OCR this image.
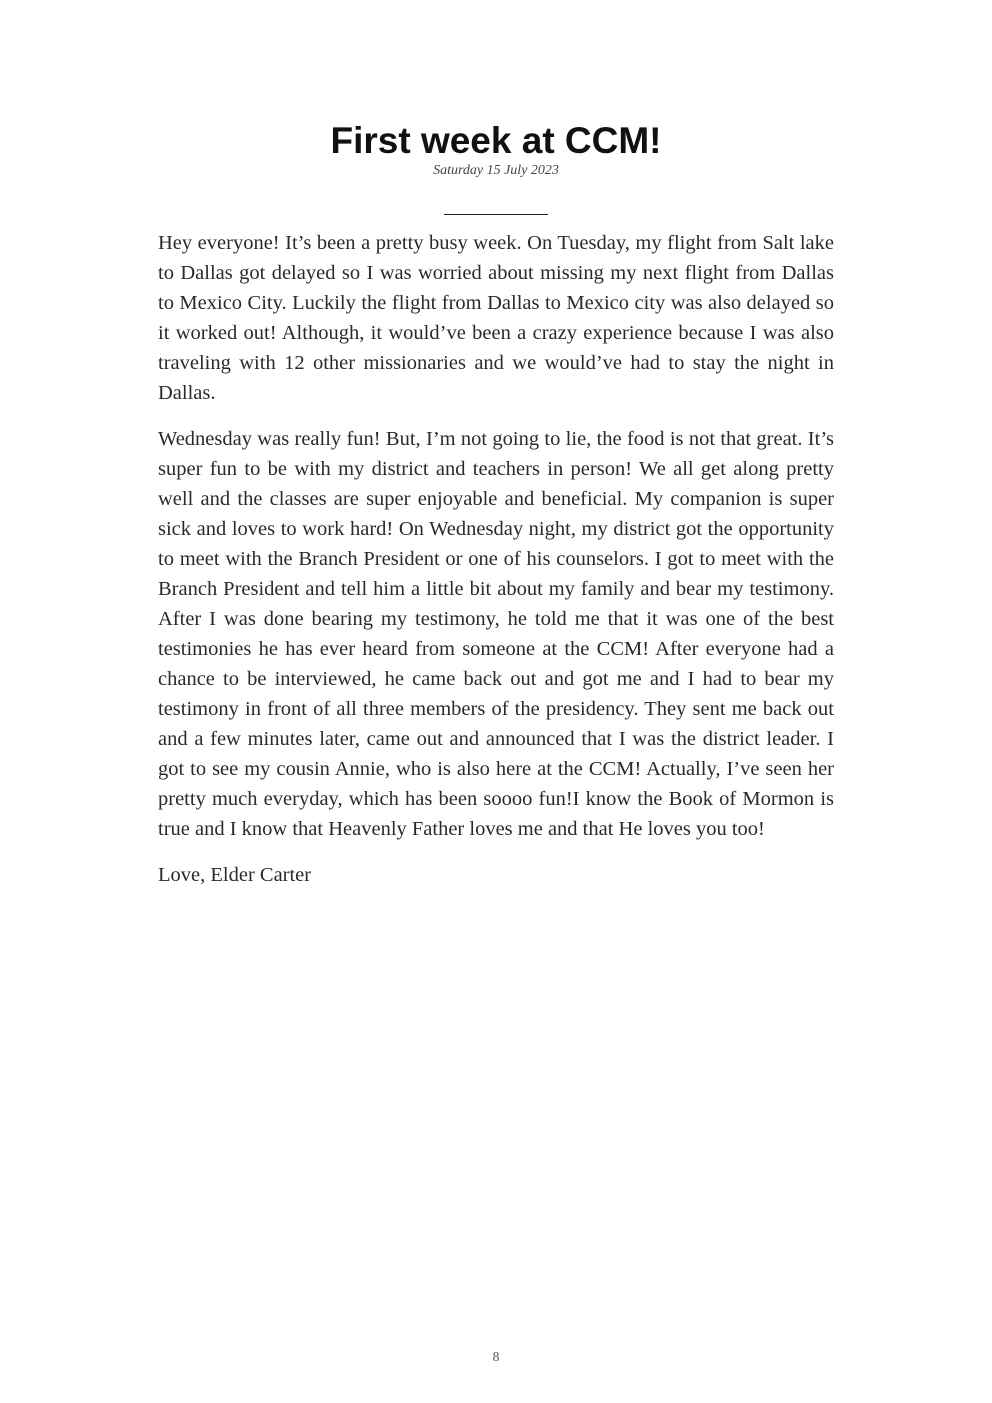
First week at CCM!
Saturday 15 July 2023

Hey everyone! It’s been a pretty busy week. On Tuesday, my flight from Salt lake to Dallas got delayed so I was worried about missing my next flight from Dallas to Mexico City. Luckily the flight from Dallas to Mexico city was also delayed so it worked out! Although, it would’ve been a crazy experience because I was also traveling with 12 other missionaries and we would’ve had to stay the night in Dallas.

Wednesday was really fun! But, I’m not going to lie, the food is not that great. It’s super fun to be with my district and teachers in person! We all get along pretty well and the classes are super enjoyable and beneficial. My companion is super sick and loves to work hard! On Wednesday night, my district got the opportunity to meet with the Branch President or one of his counselors. I got to meet with the Branch President and tell him a little bit about my family and bear my testimony. After I was done bearing my testimony, he told me that it was one of the best testimonies he has ever heard from someone at the CCM! After everyone had a chance to be interviewed, he came back out and got me and I had to bear my testimony in front of all three members of the presidency. They sent me back out and a few minutes later, came out and announced that I was the district leader. I got to see my cousin Annie, who is also here at the CCM! Actually, I’ve seen her pretty much everyday, which has been soooo fun!I know the Book of Mormon is true and I know that Heavenly Father loves me and that He loves you too!

Love, Elder Carter

8
